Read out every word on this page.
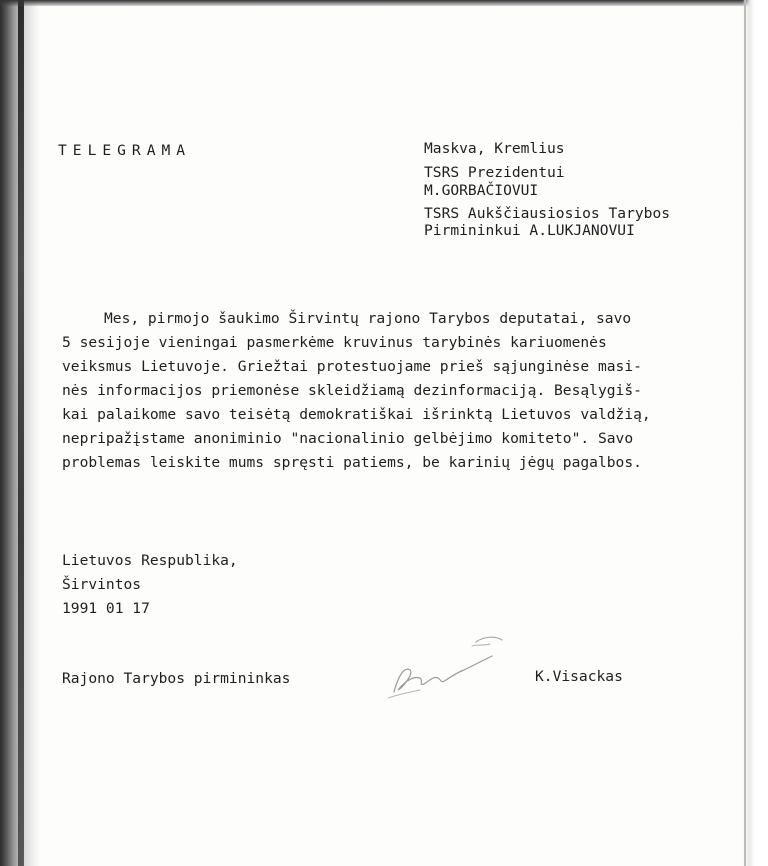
TELEGRAMA	Maskva, Kremlius
TSRS Prezidentui
M.GORBAČIOVUI
TSRS Aukščiausiosios Tarybos
Pirmininkui A.LUKJANOVUI
Mes, pirmojo šaukimo Širvintų rajono Tarybos deputatai, savo
5 sesijoje vieningai pasmerkėme kruvinus tarybinės kariuomenės
veiksmus Lietuvoje. Griežtai protestuojame prieš sąjunginėse masi-
nės informacijos priemonėse skleidžiamą dezinformaciją. Besąlygiš-
kai palaikome savo teisėtą demokratiškai išrinktą Lietuvos valdžią,
nepripažįstame anoniminio "nacionalinio gelbėjimo komiteto". Savo
problemas leiskite mums spręsti patiems, be karinių jėgų pagalbos.
Lietuvos Respublika,
Širvintos
1991 01 17
Rajono Tarybos pirmininkas	K.Visackas
